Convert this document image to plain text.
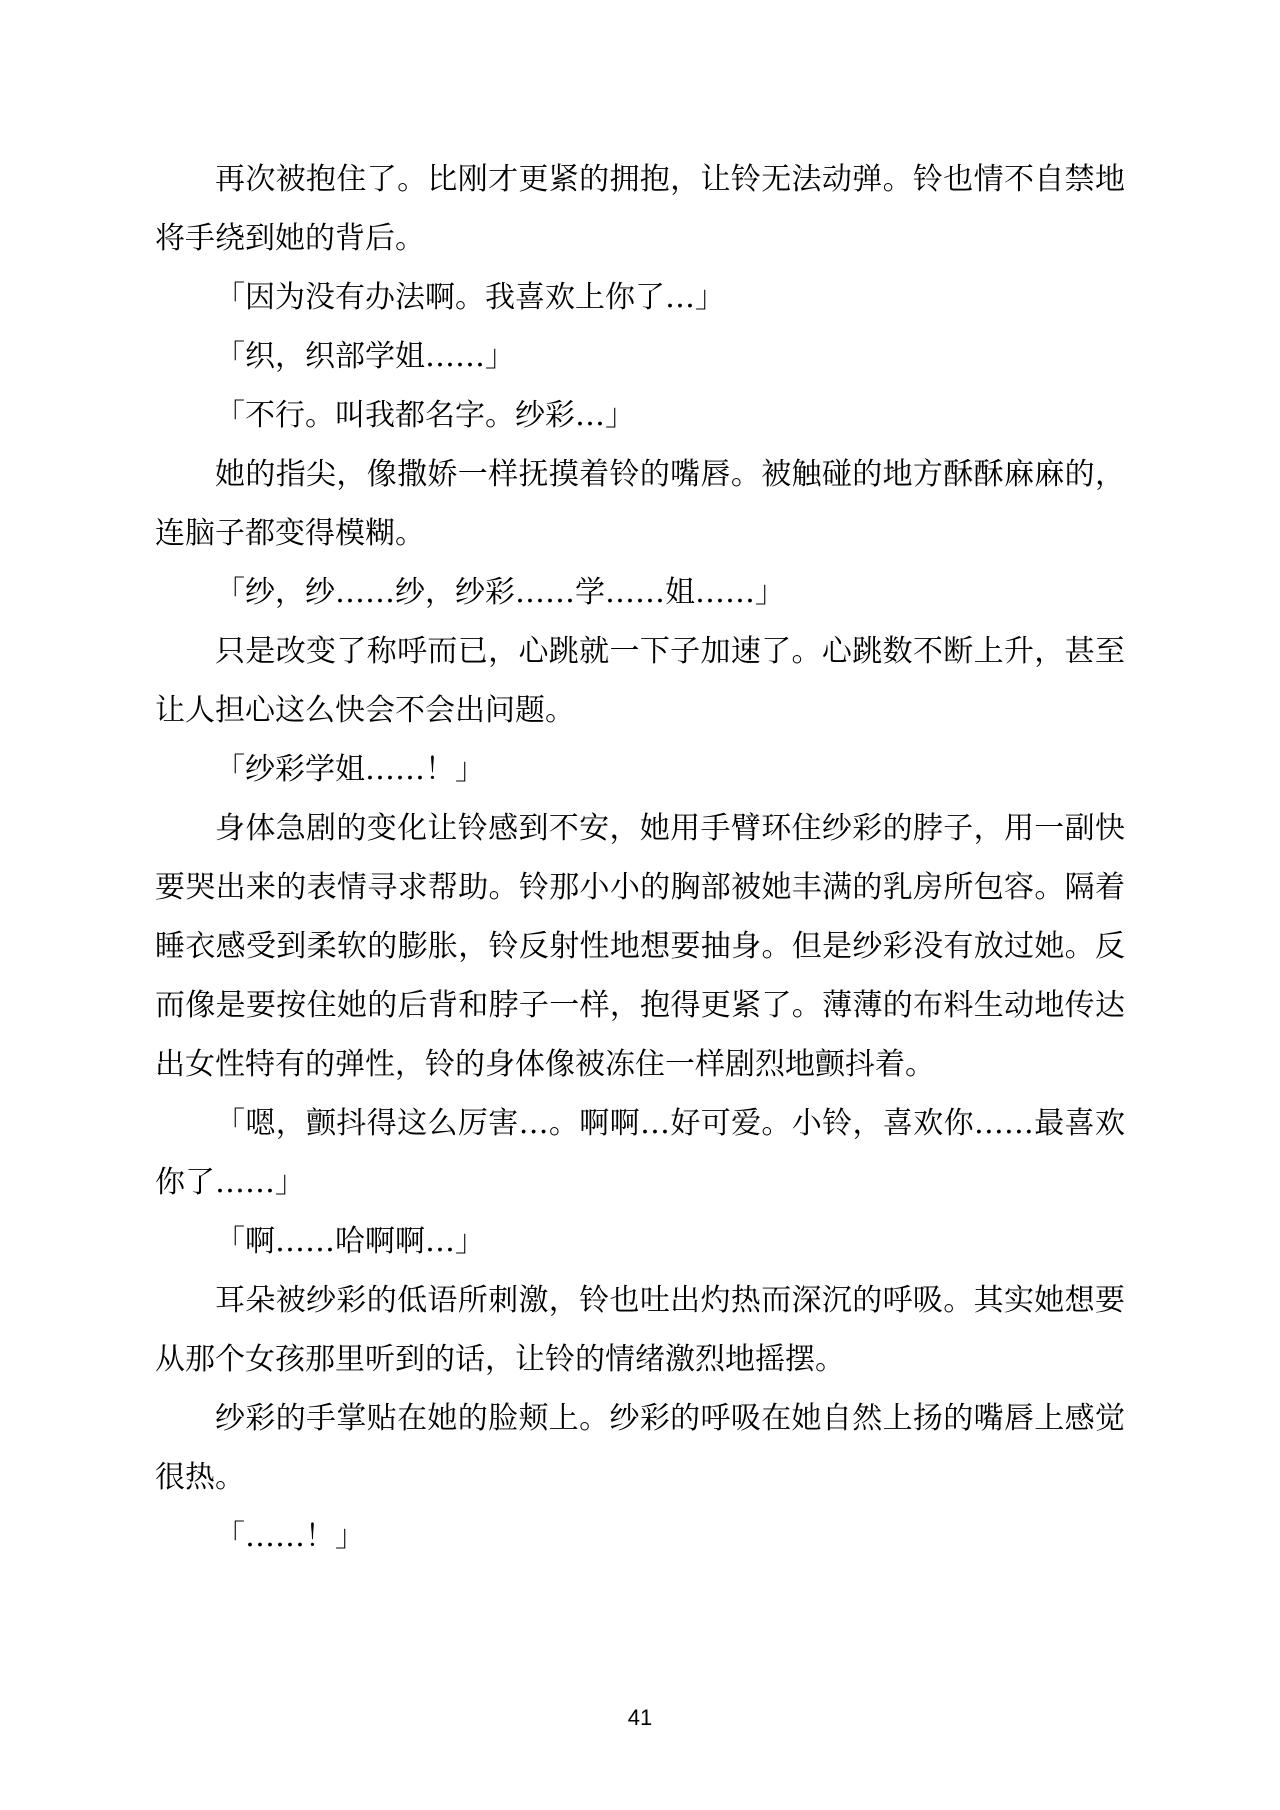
再次被抱住了。比刚才更紧的拥抱，让铃无法动弹。铃也情不自禁地将手绕到她的背后。

「因为没有办法啊。我喜欢上你了…」

「织，织部学姐……」

「不行。叫我都名字。纱彩…」

她的指尖，像撒娇一样抚摸着铃的嘴唇。被触碰的地方酥酥麻麻的，连脑子都变得模糊。

「纱，纱……纱，纱彩……学……姐……」

只是改变了称呼而已，心跳就一下子加速了。心跳数不断上升，甚至让人担心这么快会不会出问题。

「纱彩学姐……！」

身体急剧的变化让铃感到不安，她用手臂环住纱彩的脖子，用一副快要哭出来的表情寻求帮助。铃那小小的胸部被她丰满的乳房所包容。隔着睡衣感受到柔软的膨胀，铃反射性地想要抽身。但是纱彩没有放过她。反而像是要按住她的后背和脖子一样，抱得更紧了。薄薄的布料生动地传达出女性特有的弹性，铃的身体像被冻住一样剧烈地颤抖着。

「嗯，颤抖得这么厉害…。啊啊…好可爱。小铃，喜欢你……最喜欢你了……」

「啊……哈啊啊…」

耳朵被纱彩的低语所刺激，铃也吐出灼热而深沉的呼吸。其实她想要从那个女孩那里听到的话，让铃的情绪激烈地摇摆。

纱彩的手掌贴在她的脸颊上。纱彩的呼吸在她自然上扬的嘴唇上感觉很热。

「……！」

41
